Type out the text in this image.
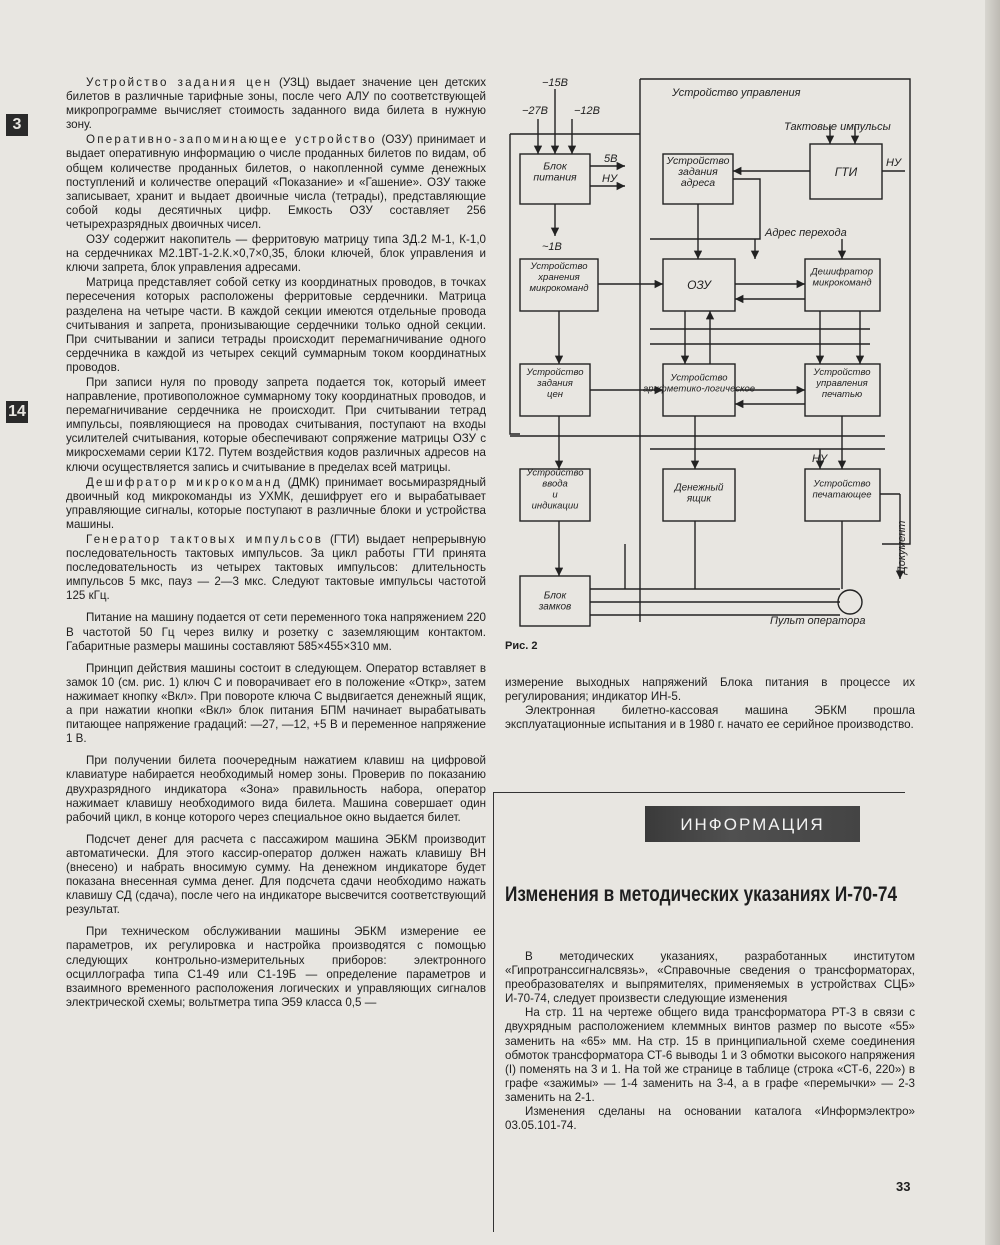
3
14

Устройство задания цен (УЗЦ) выдает значение цен детских билетов в различные тарифные зоны, после чего АЛУ по соответствующей микропрограмме вычисляет стоимость заданного вида билета в нужную зону.

Оперативно-запоминающее устройство (ОЗУ) принимает и выдает оперативную информацию о числе проданных билетов по видам, об общем количестве проданных билетов, о накопленной сумме денежных поступлений и количестве операций «Показание» и «Гашение». ОЗУ также записывает, хранит и выдает двоичные числа (тетрады), представляющие собой коды десятичных цифр. Емкость ОЗУ составляет 256 четырехразрядных двоичных чисел.

ОЗУ содержит накопитель — ферритовую матрицу типа ЗД.2 М-1, К-1,0 на сердечниках М2.1ВТ-1-2.К.×0,7×0,35, блоки ключей, блок управления и ключи запрета, блок управления адресами.

Матрица представляет собой сетку из координатных проводов, в точках пересечения которых расположены ферритовые сердечники. Матрица разделена на четыре части. В каждой секции имеются отдельные провода считывания и запрета, пронизывающие сердечники только одной секции. При считывании и записи тетрады происходит перемагничивание одного сердечника в каждой из четырех секций суммарным током координатных проводов.

При записи нуля по проводу запрета подается ток, который имеет направление, противоположное суммарному току координатных проводов, и перемагничивание сердечника не происходит. При считывании тетрад импульсы, появляющиеся на проводах считывания, поступают на входы усилителей считывания, которые обеспечивают сопряжение матрицы ОЗУ с микросхемами серии К172. Путем воздействия кодов различных адресов на ключи осуществляется запись и считывание в пределах всей матрицы.

Дешифратор микрокоманд (ДМК) принимает восьмиразрядный двоичный код микрокоманды из УХМК, дешифрует его и вырабатывает управляющие сигналы, которые поступают в различные блоки и устройства машины.

Генератор тактовых импульсов (ГТИ) выдает непрерывную последовательность тактовых импульсов. За цикл работы ГТИ принята последовательность из четырех тактовых импульсов: длительность импульсов 5 мкс, пауз — 2—3 мкс. Следуют тактовые импульсы частотой 125 кГц.

Питание на машину подается от сети переменного тока напряжением 220 В частотой 50 Гц через вилку и розетку с заземляющим контактом. Габаритные размеры машины составляют 585×455×310 мм.

Принцип действия машины состоит в следующем. Оператор вставляет в замок 10 (см. рис. 1) ключ С и поворачивает его в положение «Откр», затем нажимает кнопку «Вкл». При повороте ключа С выдвигается денежный ящик, а при нажатии кнопки «Вкл» блок питания БПМ начинает вырабатывать питающее напряжение градаций: —27, —12, +5 В и переменное напряжение 1 В.

При получении билета поочередным нажатием клавиш на цифровой клавиатуре набирается необходимый номер зоны. Проверив по показанию двухразрядного индикатора «Зона» правильность набора, оператор нажимает клавишу необходимого вида билета. Машина совершает один рабочий цикл, в конце которого через специальное окно выдается билет.

Подсчет денег для расчета с пассажиром машина ЭБКМ производит автоматически. Для этого кассир-оператор должен нажать клавишу ВН (внесено) и набрать вносимую сумму. На денежном индикаторе будет показана внесенная сумма денег. Для подсчета сдачи необходимо нажать клавишу СД (сдача), после чего на индикаторе высвечится соответствующий результат.

При техническом обслуживании машины ЭБКМ измерение ее параметров, их регулировка и настройка производятся с помощью следующих контрольно-измерительных приборов: электронного осциллографа типа С1-49 или С1-19Б — определение параметров и взаимного временного расположения логических и управляющих сигналов электрической схемы; вольтметра типа Э59 класса 0,5 —

Блок питания
Устройство задания адреса
ГТИ
Устройство хранения микрокоманд	ОЗУ
Дешифратор микрокоманд
Устройство задания цен
Устройство арифметико-логическое
Устройство управления печатью
Устройство ввода и индикации
Денежный ящик
Устройство печатающее
Блок замков
−15В
−27В −12В
5В
НУ
~1В
Устройство управления
Тактовые импульсы
НУ
Адрес перехода
НУ
Пульт оператора
Документ
Рис. 2

измерение выходных напряжений Блока питания в процессе их регулирования; индикатор ИН-5.

Электронная билетно-кассовая машина ЭБКМ прошла эксплуатационные испытания и в 1980 г. начато ее серийное производство.

ИНФОРМАЦИЯ
Изменения в методических указаниях И-70-74

В методических указаниях, разработанных институтом «Гипротранссигналсвязь», «Справочные сведения о трансформаторах, преобразователях и выпрямителях, применяемых в устройствах СЦБ» И-70-74, следует произвести следующие изменения

На стр. 11 на чертеже общего вида трансформатора РТ-3 в связи с двухрядным расположением клеммных винтов размер по высоте «55» заменить на «65» мм. На стр. 15 в принципиальной схеме соединения обмоток трансформатора СТ-6 выводы 1 и 3 обмотки высокого напряжения (I) поменять на 3 и 1. На той же странице в таблице (строка «СТ-6, 220») в графе «зажимы» — 1-4 заменить на 3-4, а в графе «перемычки» — 2-3 заменить на 2-1.

Изменения сделаны на основании каталога «Информэлектро» 03.05.101-74.

33
